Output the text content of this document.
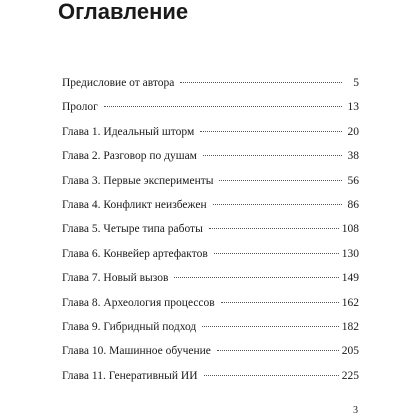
Оглавление
Предисловие от автора	5
Пролог	13
Глава 1. Идеальный шторм	20
Глава 2. Разговор по душам	38
Глава 3. Первые эксперименты	56
Глава 4. Конфликт неизбежен	86
Глава 5. Четыре типа работы	108
Глава 6. Конвейер артефактов	130
Глава 7. Новый вызов	149
Глава 8. Археология процессов	162
Глава 9. Гибридный подход	182
Глава 10. Машинное обучение	205
Глава 11. Генеративный ИИ	225
3
